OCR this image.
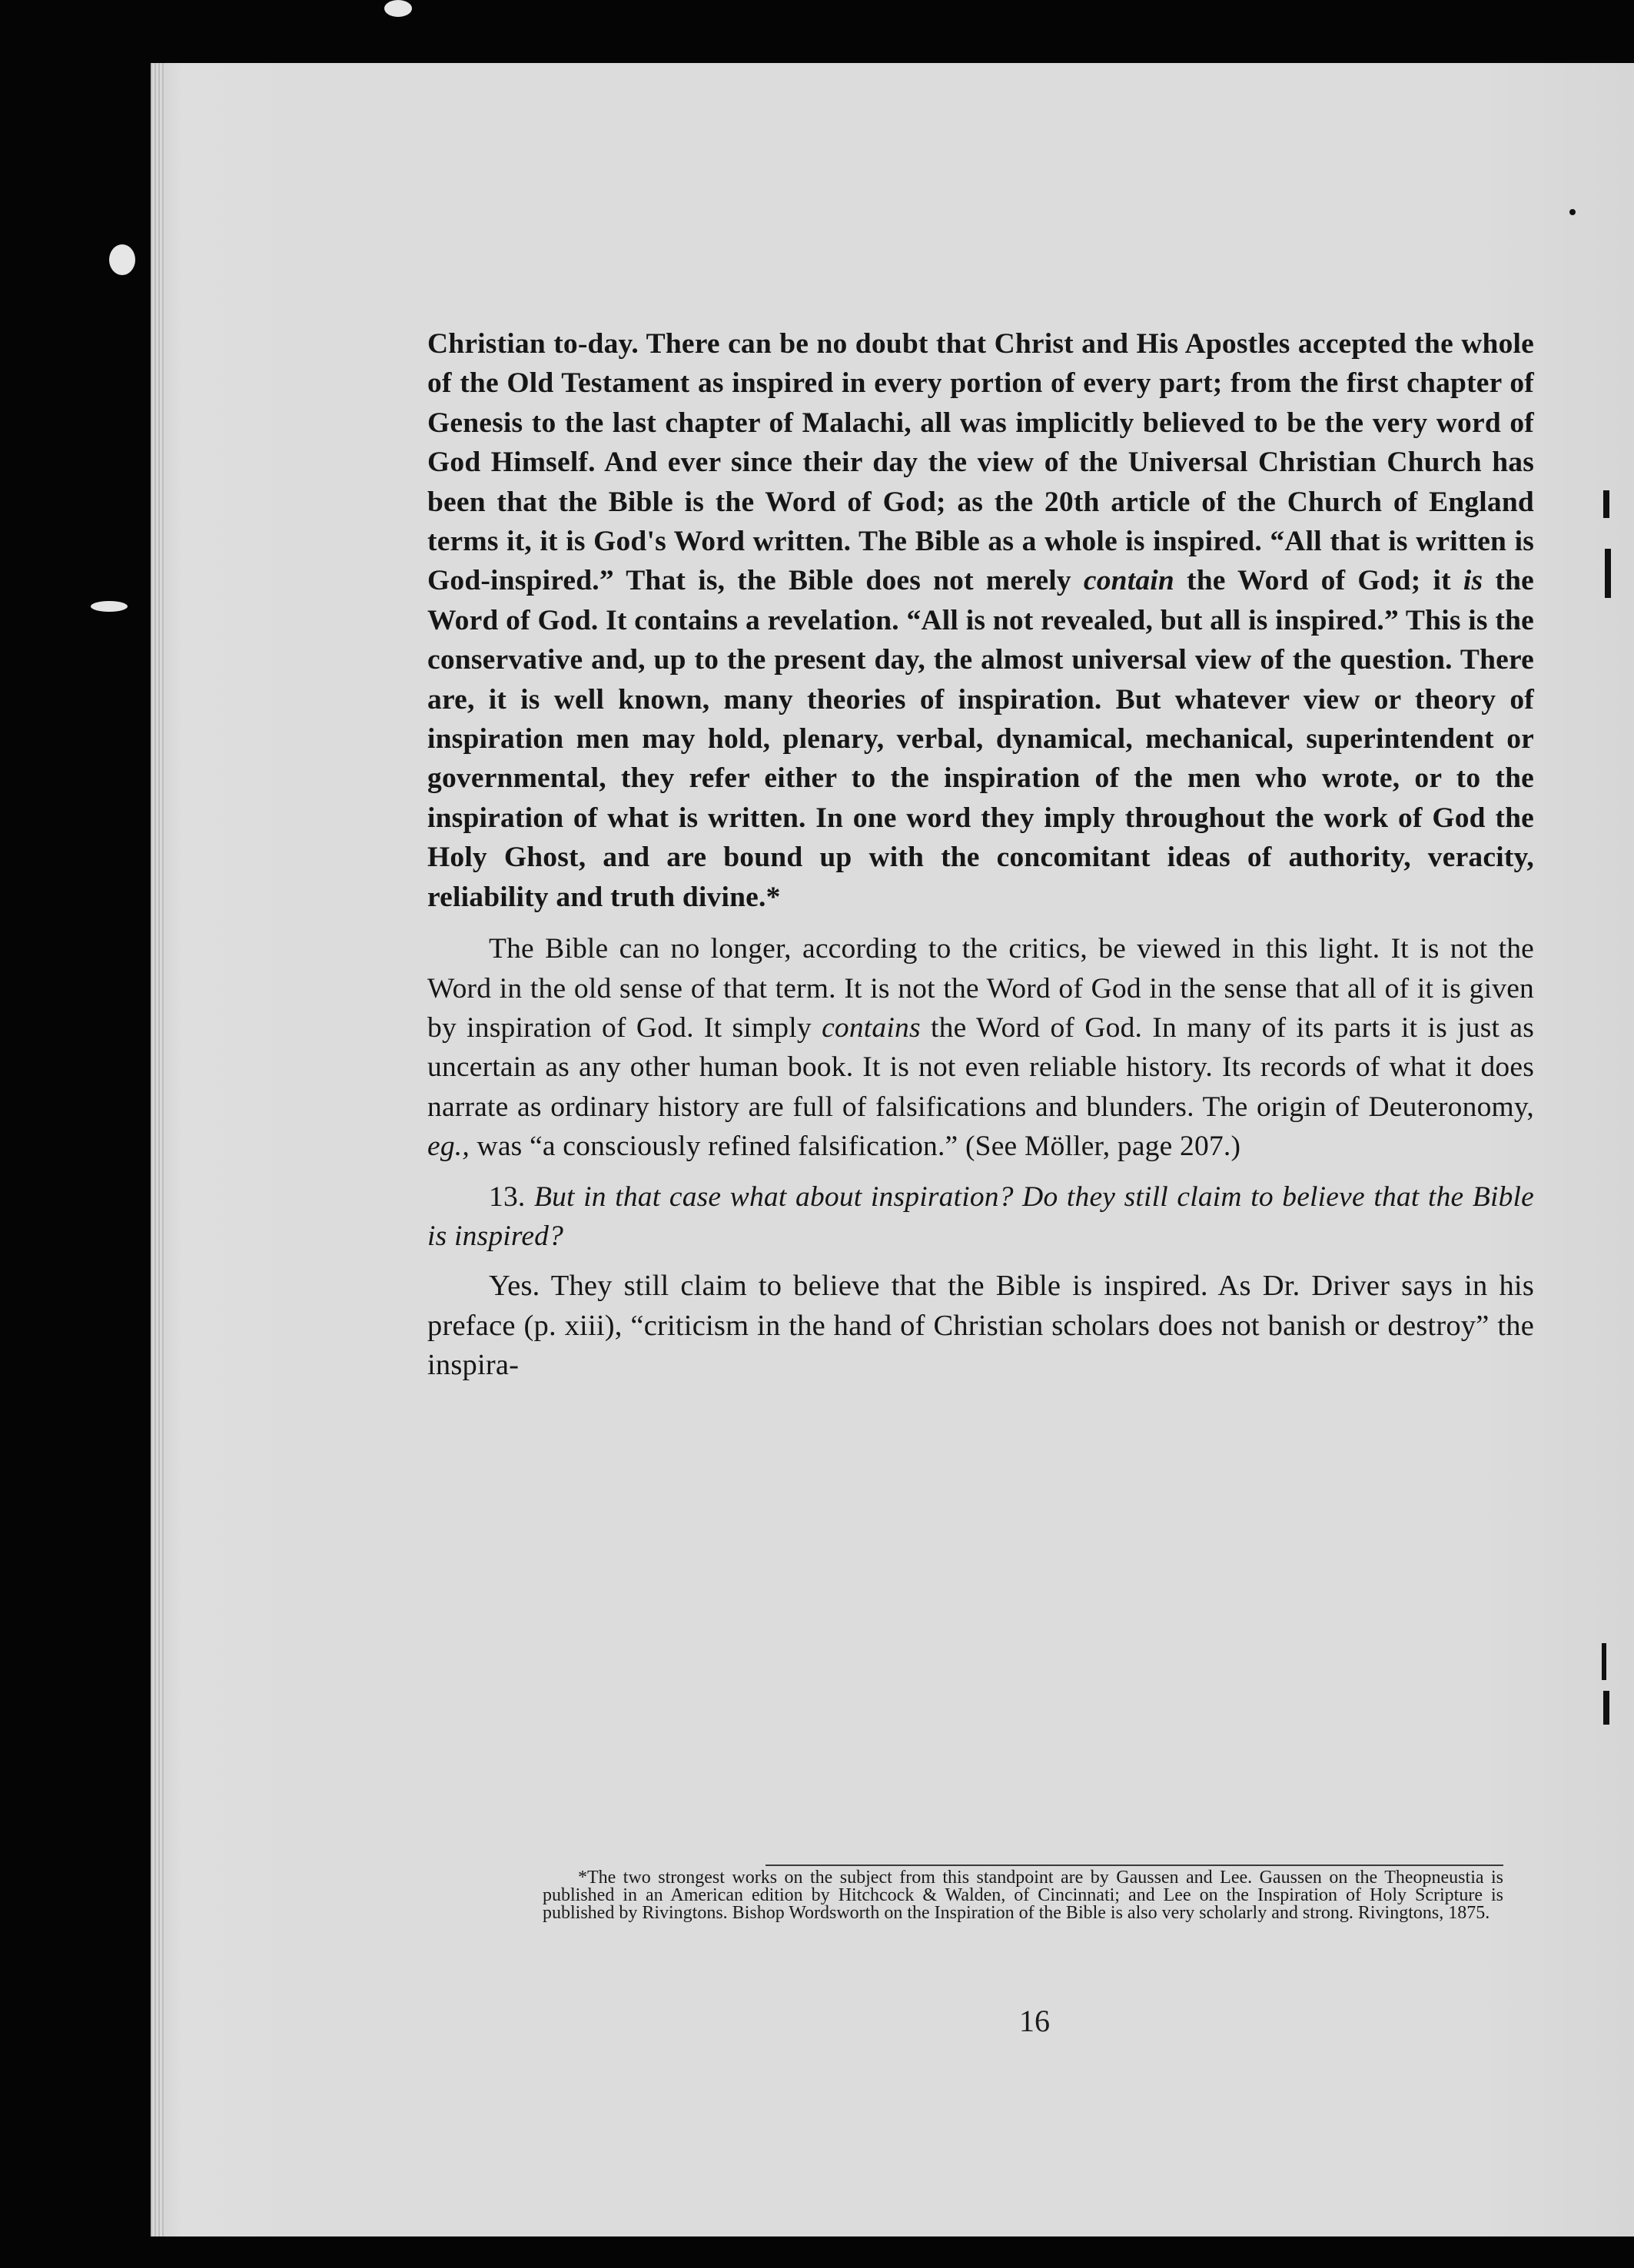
Christian to-day. There can be no doubt that Christ and His Apostles accepted the whole of the Old Testament as inspired in every portion of every part; from the first chapter of Genesis to the last chapter of Malachi, all was implicitly believed to be the very word of God Himself. And ever since their day the view of the Universal Christian Church has been that the Bible is the Word of God; as the 20th article of the Church of England terms it, it is God's Word written. The Bible as a whole is inspired. “All that is written is God-inspired.” That is, the Bible does not merely contain the Word of God; it is the Word of God. It contains a revelation. “All is not revealed, but all is inspired.” This is the conservative and, up to the present day, the almost universal view of the question. There are, it is well known, many theories of inspiration. But whatever view or theory of inspiration men may hold, plenary, verbal, dynamical, mechanical, superintendent or governmental, they refer either to the inspiration of the men who wrote, or to the inspiration of what is written. In one word they imply throughout the work of God the Holy Ghost, and are bound up with the concomitant ideas of authority, veracity, reliability and truth divine.*

The Bible can no longer, according to the critics, be viewed in this light. It is not the Word in the old sense of that term. It is not the Word of God in the sense that all of it is given by inspiration of God. It simply contains the Word of God. In many of its parts it is just as uncertain as any other human book. It is not even reliable history. Its records of what it does narrate as ordinary history are full of falsifications and blunders. The origin of Deuteronomy, eg., was “a consciously refined falsification.” (See Möller, page 207.)

13. But in that case what about inspiration? Do they still claim to believe that the Bible is inspired?

Yes. They still claim to believe that the Bible is inspired. As Dr. Driver says in his preface (p. xiii), “criticism in the hand of Christian scholars does not banish or destroy” the inspira-

*The two strongest works on the subject from this standpoint are by Gaussen and Lee. Gaussen on the Theopneustia is published in an American edition by Hitchcock & Walden, of Cincinnati; and Lee on the Inspiration of Holy Scripture is published by Rivingtons. Bishop Wordsworth on the Inspiration of the Bible is also very scholarly and strong. Rivingtons, 1875.

16
